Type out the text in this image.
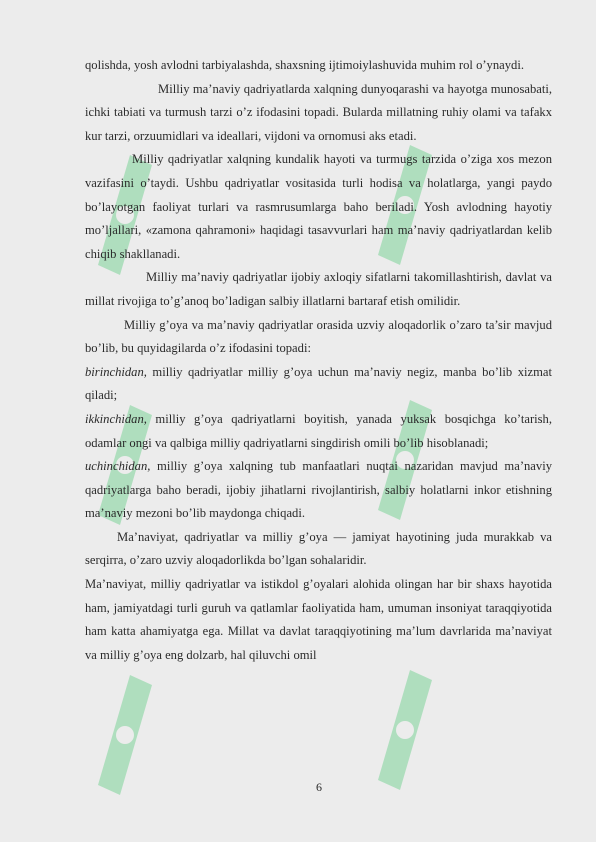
qolishda, yosh avlodni tarbiyalashda, shaxsning ijtimoiylashuvida muhim rol o’ynaydi.

Milliy ma’naviy qadriyatlarda xalqning dunyoqarashi va hayotga munosabati, ichki tabiati va turmush tarzi o’z ifodasini topadi. Bularda millatning ruhiy olami va tafakx kur tarzi, orzuumidlari va ideallari, vijdoni va ornomusi aks etadi.

Milliy qadriyatlar xalqning kundalik hayoti va turmugs tarzida o’ziga xos mezon vazifasini o’taydi. Ushbu qadriyatlar vositasida turli hodisa va holatlarga, yangi paydo bo’layotgan faoliyat turlari va rasmrusumlarga baho beriladi. Yosh avlodning hayotiy mo’ljallari, «zamona qahramoni» haqidagi tasavvurlari ham ma’naviy qadriyatlardan kelib chiqib shakllanadi.

Milliy ma’naviy qadriyatlar ijobiy axloqiy sifatlarni takomillashtirish, davlat va millat rivojiga to’g’anoq bo’ladigan salbiy illatlarni bartaraf etish omilidir.

Milliy g’oya va ma’naviy qadriyatlar orasida uzviy aloqadorlik o’zaro ta’sir mavjud bo’lib, bu quyidagilarda o’z ifodasini topadi:

birinchidan, milliy qadriyatlar milliy g’oya uchun ma’naviy negiz, manba bo’lib xizmat qiladi;

ikkinchidan, milliy g’oya qadriyatlarni boyitish, yanada yuksak bosqichga ko’tarish, odamlar ongi va qalbiga milliy qadriyatlarni singdirish omili bo’lib hisoblanadi;

uchinchidan, milliy g’oya xalqning tub manfaatlari nuqtai nazaridan mavjud ma’naviy qadriyatlarga baho beradi, ijobiy jihatlarni rivojlantirish, salbiy holatlarni inkor etishning ma’naviy mezoni bo’lib maydonga chiqadi.

Ma’naviyat, qadriyatlar va milliy g’oya — jamiyat hayotining juda murakkab va serqirra, o’zaro uzviy aloqadorlikda bo’lgan sohalaridir.

Ma’naviyat, milliy qadriyatlar va istikdol g’oyalari alohida olingan har bir shaxs hayotida ham, jamiyatdagi turli guruh va qatlamlar faoliyatida ham, umuman insoniyat taraqqiyotida ham katta ahamiyatga ega. Millat va davlat taraqqiyotining ma’lum davrlarida ma’naviyat va milliy g’oya eng dolzarb, hal qiluvchi omil

6
